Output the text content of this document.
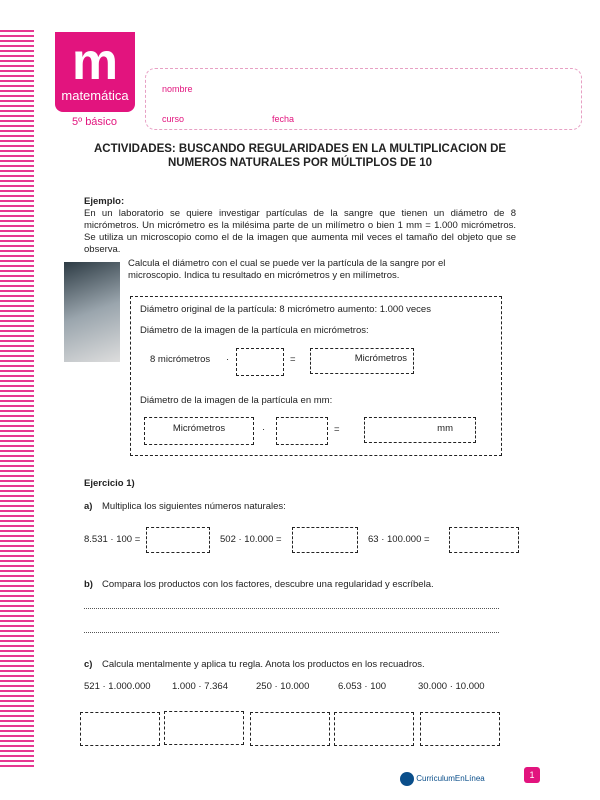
m
matemática
5º básico
nombre
curso	fecha
ACTIVIDADES: BUSCANDO REGULARIDADES EN LA MULTIPLICACION DE NUMEROS NATURALES POR MÚLTIPLOS DE 10
Ejemplo:
En un laboratorio se quiere investigar partículas de la sangre que tienen un diámetro de 8 micrómetros. Un micrómetro es la milésima parte de un milímetro o bien 1 mm = 1.000 micrómetros. Se utiliza un microscopio como el de la imagen que aumenta mil veces el tamaño del objeto que se observa.
Calcula el diámetro con el cual se puede ver la partícula de la sangre por el microscopio. Indica tu resultado en micrómetros y en milímetros.
Diámetro original de la partícula: 8 micrómetro aumento: 1.000 veces
Diámetro de la imagen de la partícula en micrómetros:
8 micrómetros ·	=	Micrómetros
Diámetro de la imagen de la partícula en mm:
Micrómetros	·	=	mm
Ejercicio 1)
a) Multiplica los siguientes números naturales:
8.531 · 100 =	502 · 10.000 =	63 · 100.000 =
b) Compara los productos con los factores, descubre una regularidad y escríbela.
c) Calcula mentalmente y aplica tu regla. Anota los productos en los recuadros.
521 · 1.000.000 1.000 · 7.364	250 · 10.000	6.053 · 100	30.000 · 10.000
CurriculumEnLínea	1
